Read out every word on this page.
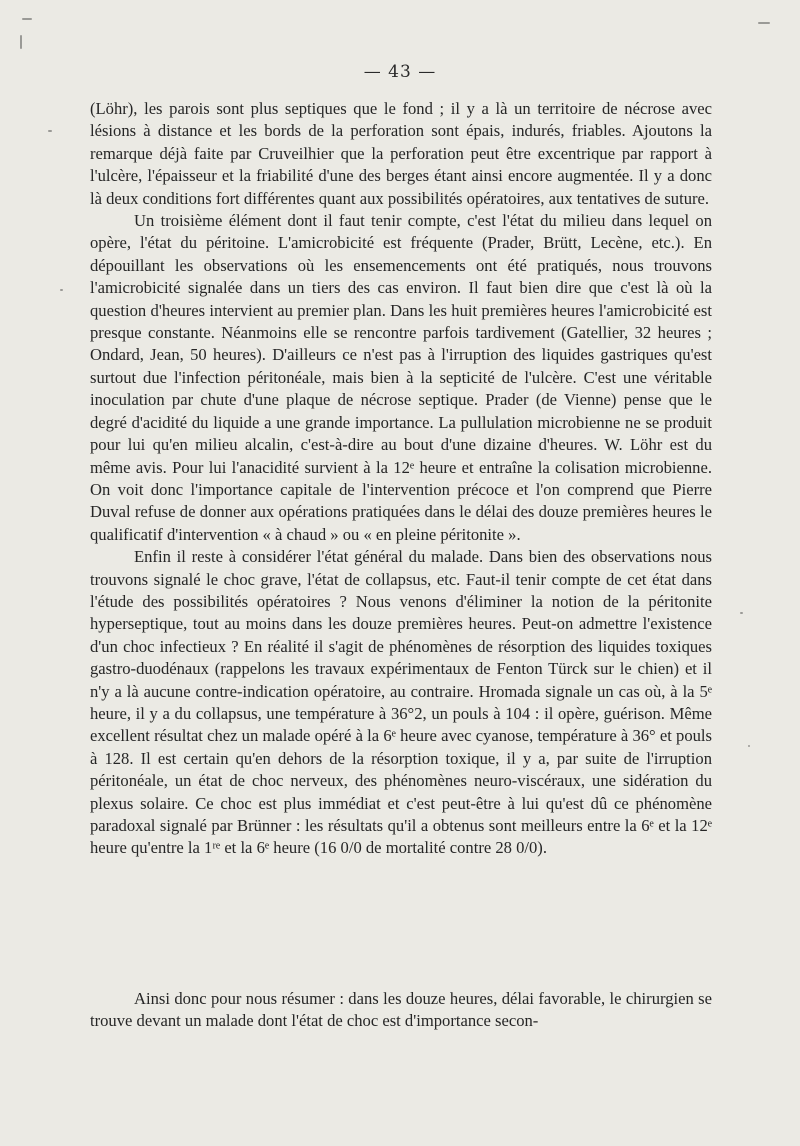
— 43 —

(Löhr), les parois sont plus septiques que le fond ; il y a là un territoire de nécrose avec lésions à distance et les bords de la perforation sont épais, indurés, friables. Ajoutons la remarque déjà faite par Cruveilhier que la perforation peut être excentrique par rapport à l'ulcère, l'épaisseur et la friabilité d'une des berges étant ainsi encore augmentée. Il y a donc là deux conditions fort différentes quant aux possibilités opératoires, aux tentatives de suture.

Un troisième élément dont il faut tenir compte, c'est l'état du milieu dans lequel on opère, l'état du péritoine. L'amicrobicité est fréquente (Prader, Brütt, Lecène, etc.). En dépouillant les observations où les ensemencements ont été pratiqués, nous trouvons l'amicrobicité signalée dans un tiers des cas environ. Il faut bien dire que c'est là où la question d'heures intervient au premier plan. Dans les huit premières heures l'amicrobicité est presque constante. Néanmoins elle se rencontre parfois tardivement (Gatellier, 32 heures ; Ondard, Jean, 50 heures). D'ailleurs ce n'est pas à l'irruption des liquides gastriques qu'est surtout due l'infection péritonéale, mais bien à la septicité de l'ulcère. C'est une véritable inoculation par chute d'une plaque de nécrose septique. Prader (de Vienne) pense que le degré d'acidité du liquide a une grande importance. La pullulation microbienne ne se produit pour lui qu'en milieu alcalin, c'est-à-dire au bout d'une dizaine d'heures. W. Löhr est du même avis. Pour lui l'anacidité survient à la 12ᵉ heure et entraîne la colisation microbienne. On voit donc l'importance capitale de l'intervention précoce et l'on comprend que Pierre Duval refuse de donner aux opérations pratiquées dans le délai des douze premières heures le qualificatif d'intervention « à chaud » ou « en pleine péritonite ».

Enfin il reste à considérer l'état général du malade. Dans bien des observations nous trouvons signalé le choc grave, l'état de collapsus, etc. Faut-il tenir compte de cet état dans l'étude des possibilités opératoires ? Nous venons d'éliminer la notion de la péritonite hyperseptique, tout au moins dans les douze premières heures. Peut-on admettre l'existence d'un choc infectieux ? En réalité il s'agit de phénomènes de résorption des liquides toxiques gastro-duodénaux (rappelons les travaux expérimentaux de Fenton Türck sur le chien) et il n'y a là aucune contre-indication opératoire, au contraire. Hromada signale un cas où, à la 5ᵉ heure, il y a du collapsus, une température à 36°2, un pouls à 104 : il opère, guérison. Même excellent résultat chez un malade opéré à la 6ᵉ heure avec cyanose, température à 36° et pouls à 128. Il est certain qu'en dehors de la résorption toxique, il y a, par suite de l'irruption péritonéale, un état de choc nerveux, des phénomènes neuro-viscéraux, une sidération du plexus solaire. Ce choc est plus immédiat et c'est peut-être à lui qu'est dû ce phénomène paradoxal signalé par Brünner : les résultats qu'il a obtenus sont meilleurs entre la 6ᵉ et la 12ᵉ heure qu'entre la 1ʳᵉ et la 6ᵉ heure (16 0/0 de mortalité contre 28 0/0).

Ainsi donc pour nous résumer : dans les douze heures, délai favorable, le chirurgien se trouve devant un malade dont l'état de choc est d'importance secon-
